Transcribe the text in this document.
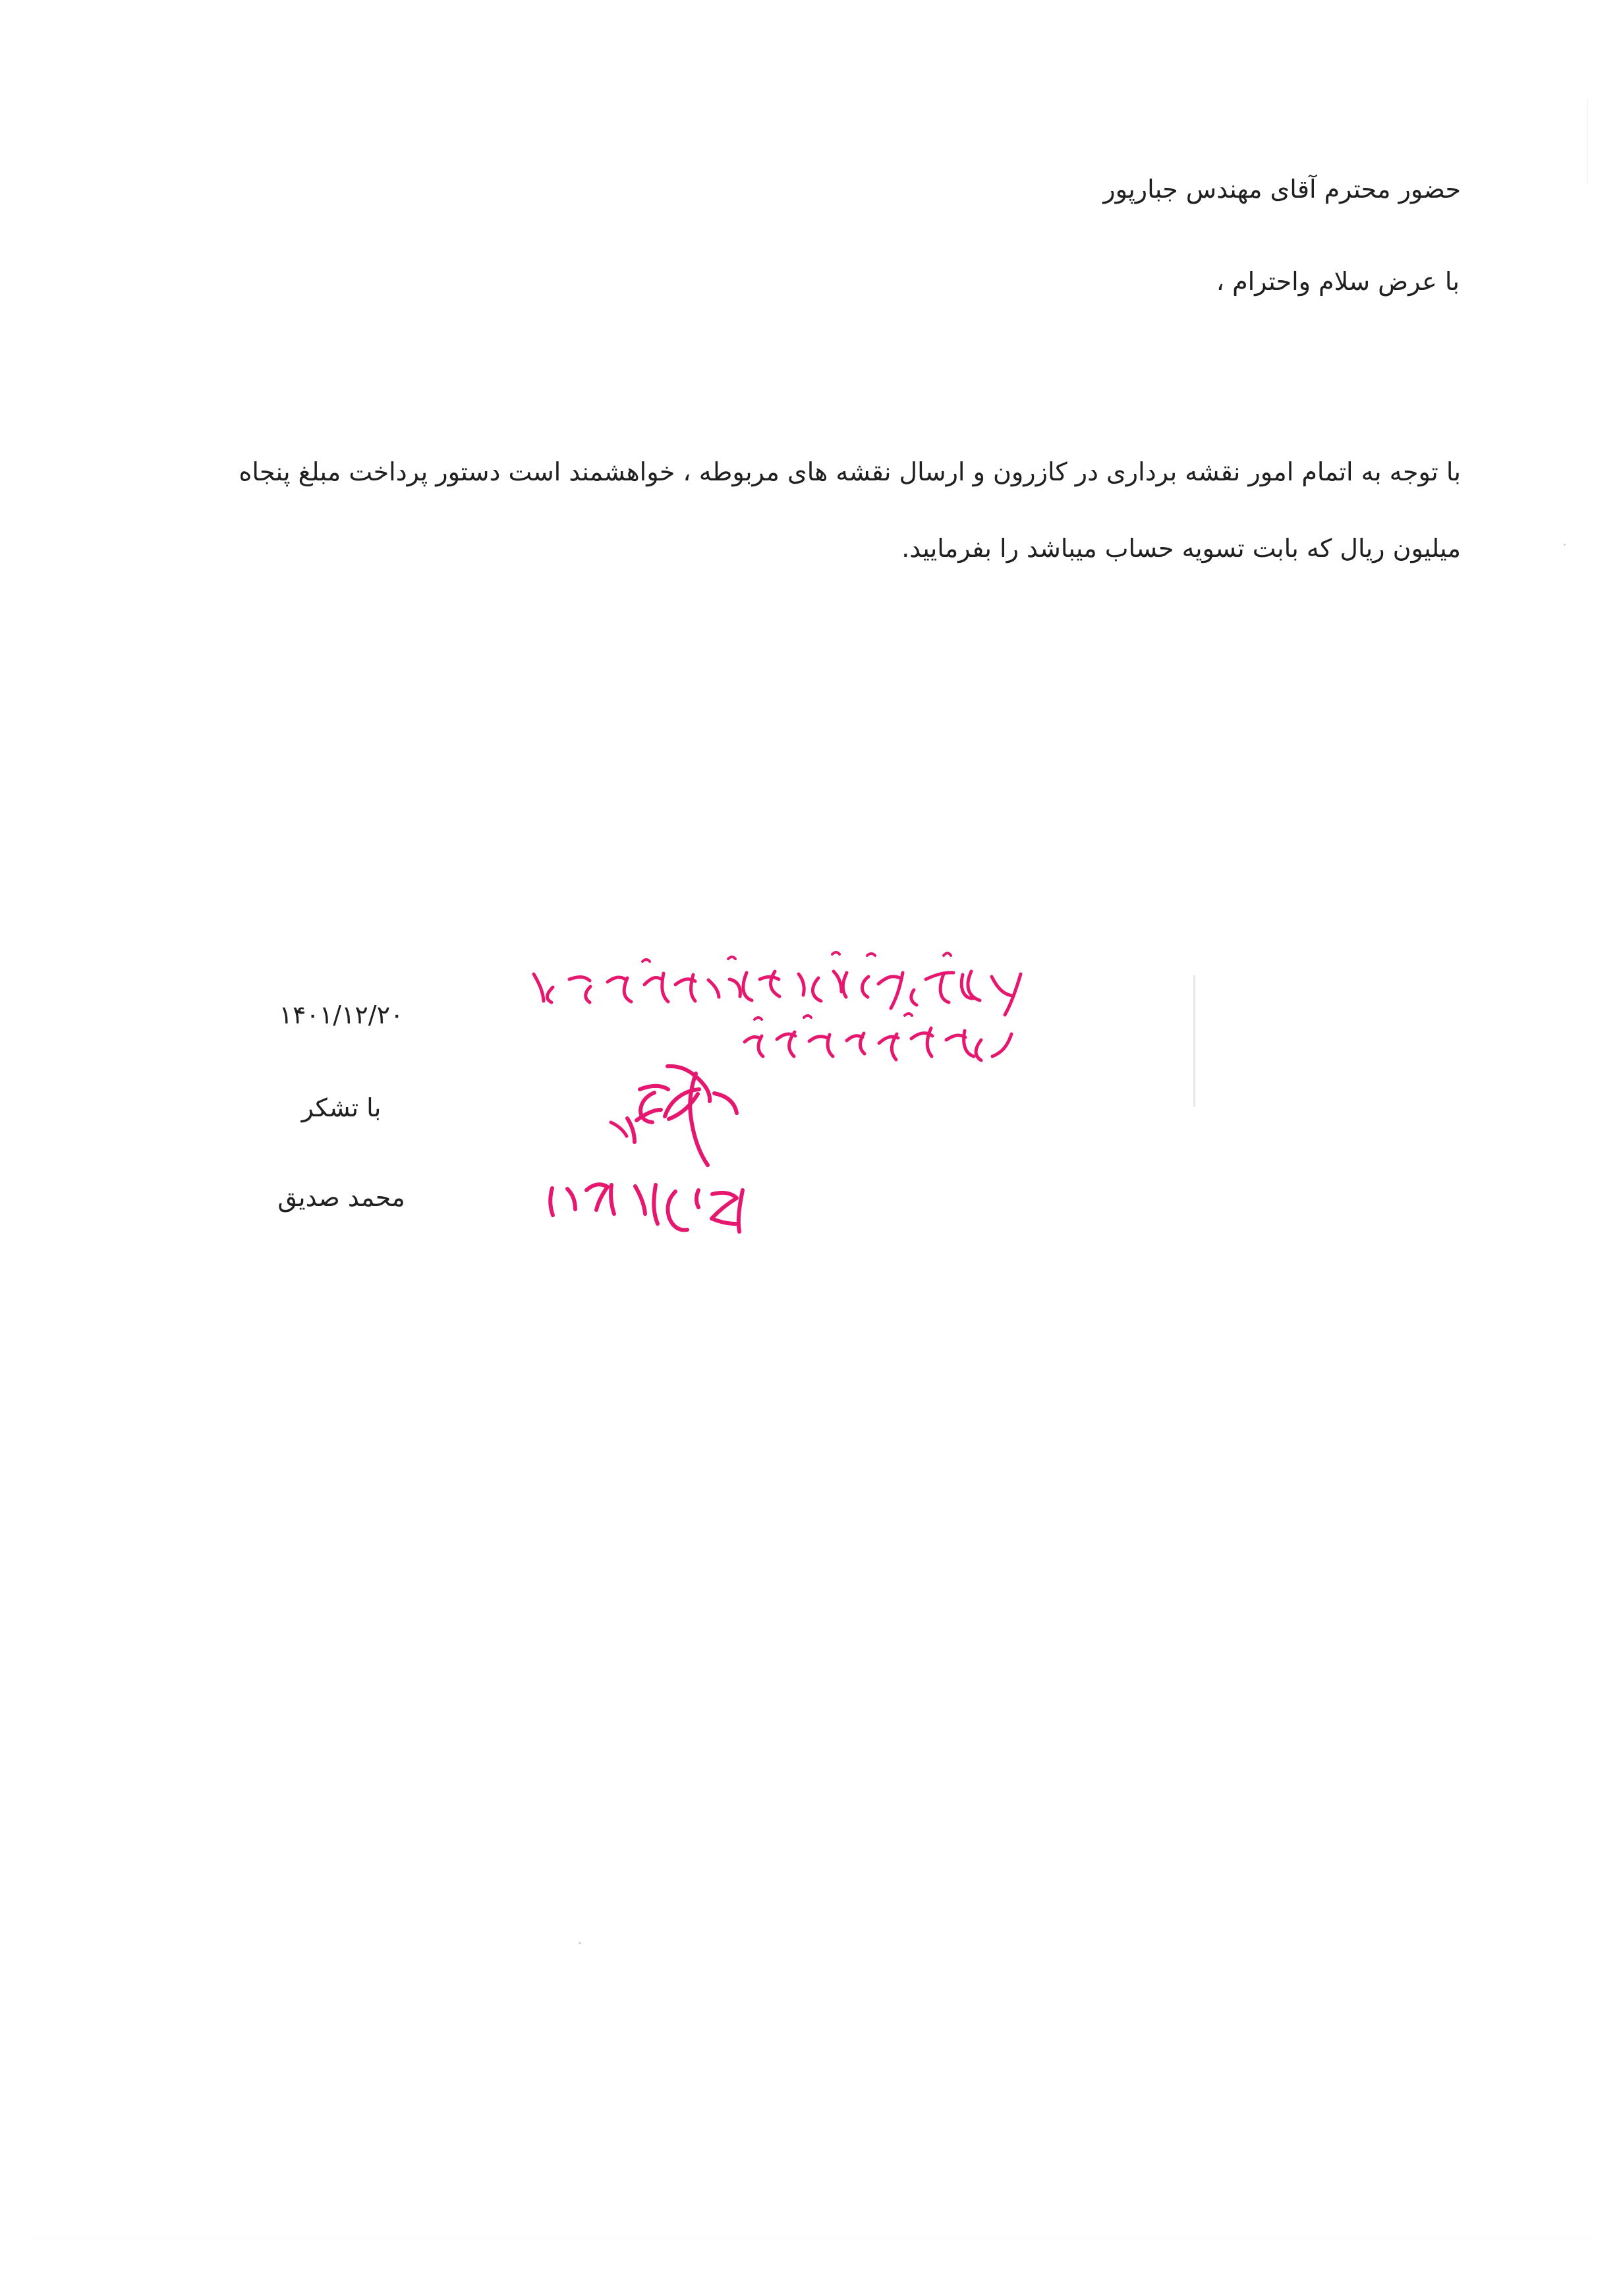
حضور محترم آقای مهندس جبارپور
با عرض سلام واحترام ،
با توجه به اتمام امور نقشه برداری در کازرون و ارسال نقشه های مربوطه ، خواهشمند است دستور پرداخت مبلغ پنجاه
میلیون ریال که بابت تسویه حساب میباشد را بفرمایید.
۱۴۰۱/۱۲/۲۰
با تشکر
محمد صدیق
